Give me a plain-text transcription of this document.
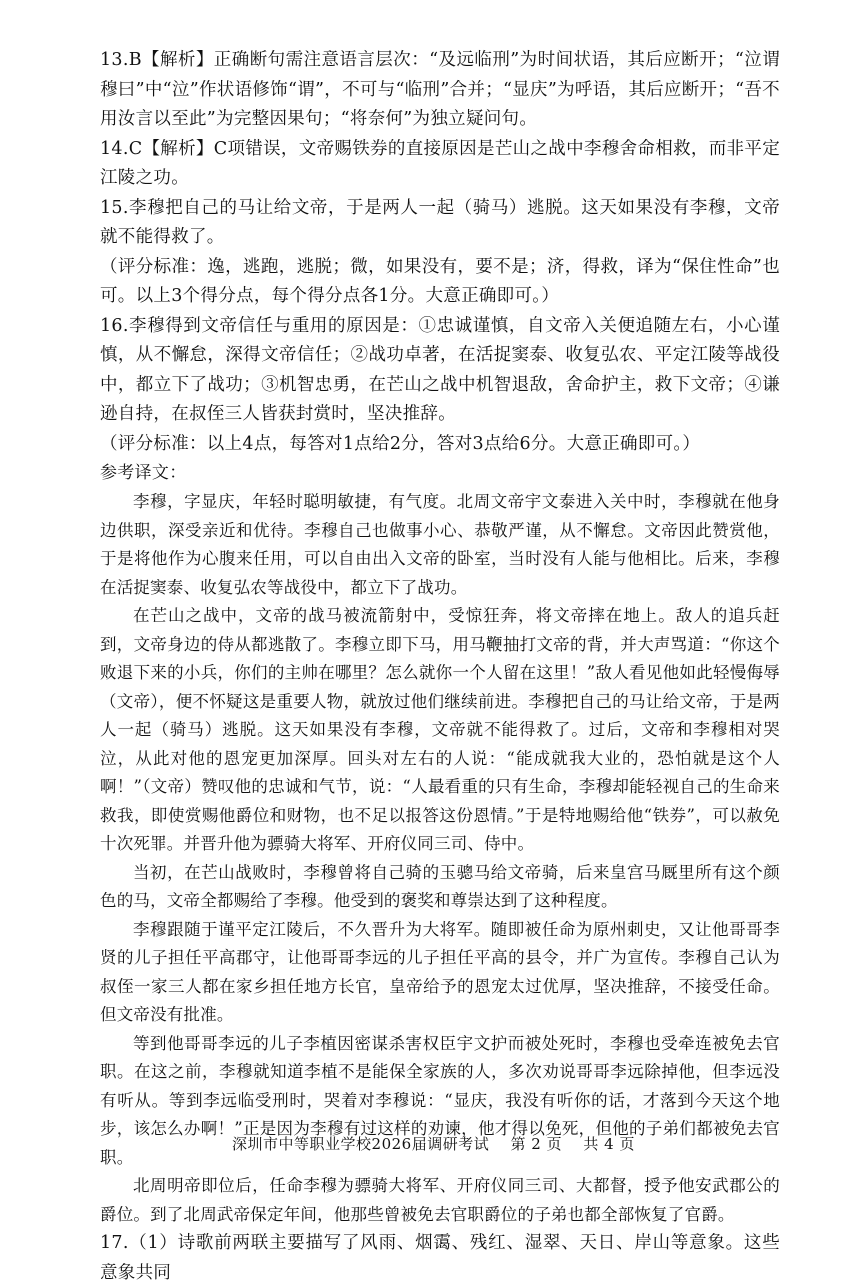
13.B【解析】正确断句需注意语言层次：“及远临刑”为时间状语，其后应断开；“泣谓穆曰”中“泣”作状语修饰“谓”，不可与“临刑”合并；“显庆”为呼语，其后应断开；“吾不用汝言以至此”为完整因果句；“将奈何”为独立疑问句。

14.C【解析】C项错误，文帝赐铁券的直接原因是芒山之战中李穆舍命相救，而非平定江陵之功。

15.李穆把自己的马让给文帝，于是两人一起（骑马）逃脱。这天如果没有李穆，文帝就不能得救了。

（评分标准：逸，逃跑，逃脱；微，如果没有，要不是；济，得救，译为“保住性命”也可。以上3个得分点，每个得分点各1分。大意正确即可。）

16.李穆得到文帝信任与重用的原因是：①忠诚谨慎，自文帝入关便追随左右，小心谨慎，从不懈怠，深得文帝信任；②战功卓著，在活捉窦泰、收复弘农、平定江陵等战役中，都立下了战功；③机智忠勇，在芒山之战中机智退敌，舍命护主，救下文帝；④谦逊自持，在叔侄三人皆获封赏时，坚决推辞。

（评分标准：以上4点，每答对1点给2分，答对3点给6分。大意正确即可。）

参考译文：

李穆，字显庆，年轻时聪明敏捷，有气度。北周文帝宇文泰进入关中时，李穆就在他身边供职，深受亲近和优待。李穆自己也做事小心、恭敬严谨，从不懈怠。文帝因此赞赏他，于是将他作为心腹来任用，可以自由出入文帝的卧室，当时没有人能与他相比。后来，李穆在活捉窦泰、收复弘农等战役中，都立下了战功。

在芒山之战中，文帝的战马被流箭射中，受惊狂奔，将文帝摔在地上。敌人的追兵赶到，文帝身边的侍从都逃散了。李穆立即下马，用马鞭抽打文帝的背，并大声骂道：“你这个败退下来的小兵，你们的主帅在哪里？怎么就你一个人留在这里！”敌人看见他如此轻慢侮辱（文帝），便不怀疑这是重要人物，就放过他们继续前进。李穆把自己的马让给文帝，于是两人一起（骑马）逃脱。这天如果没有李穆，文帝就不能得救了。过后，文帝和李穆相对哭泣，从此对他的恩宠更加深厚。回头对左右的人说：“能成就我大业的，恐怕就是这个人啊！”（文帝）赞叹他的忠诚和气节，说：“人最看重的只有生命，李穆却能轻视自己的生命来救我，即使赏赐他爵位和财物，也不足以报答这份恩情。”于是特地赐给他“铁券”，可以赦免十次死罪。并晋升他为骠骑大将军、开府仪同三司、侍中。

当初，在芒山战败时，李穆曾将自己骑的玉骢马给文帝骑，后来皇宫马厩里所有这个颜色的马，文帝全都赐给了李穆。他受到的褒奖和尊崇达到了这种程度。

李穆跟随于谨平定江陵后，不久晋升为大将军。随即被任命为原州刺史，又让他哥哥李贤的儿子担任平高郡守，让他哥哥李远的儿子担任平高的县令，并广为宣传。李穆自己认为叔侄一家三人都在家乡担任地方长官，皇帝给予的恩宠太过优厚，坚决推辞，不接受任命。但文帝没有批准。

等到他哥哥李远的儿子李植因密谋杀害权臣宇文护而被处死时，李穆也受牵连被免去官职。在这之前，李穆就知道李植不是能保全家族的人，多次劝说哥哥李远除掉他，但李远没有听从。等到李远临受刑时，哭着对李穆说：“显庆，我没有听你的话，才落到今天这个地步，该怎么办啊！”正是因为李穆有过这样的劝谏，他才得以免死，但他的子弟们都被免去官职。

北周明帝即位后，任命李穆为骠骑大将军、开府仪同三司、大都督，授予他安武郡公的爵位。到了北周武帝保定年间，他那些曾被免去官职爵位的子弟也都全部恢复了官爵。

17.（1）诗歌前两联主要描写了风雨、烟霭、残红、湿翠、天日、岸山等意象。这些意象共同

深圳市中等职业学校2026届调研考试 第 2 页 共 4 页
